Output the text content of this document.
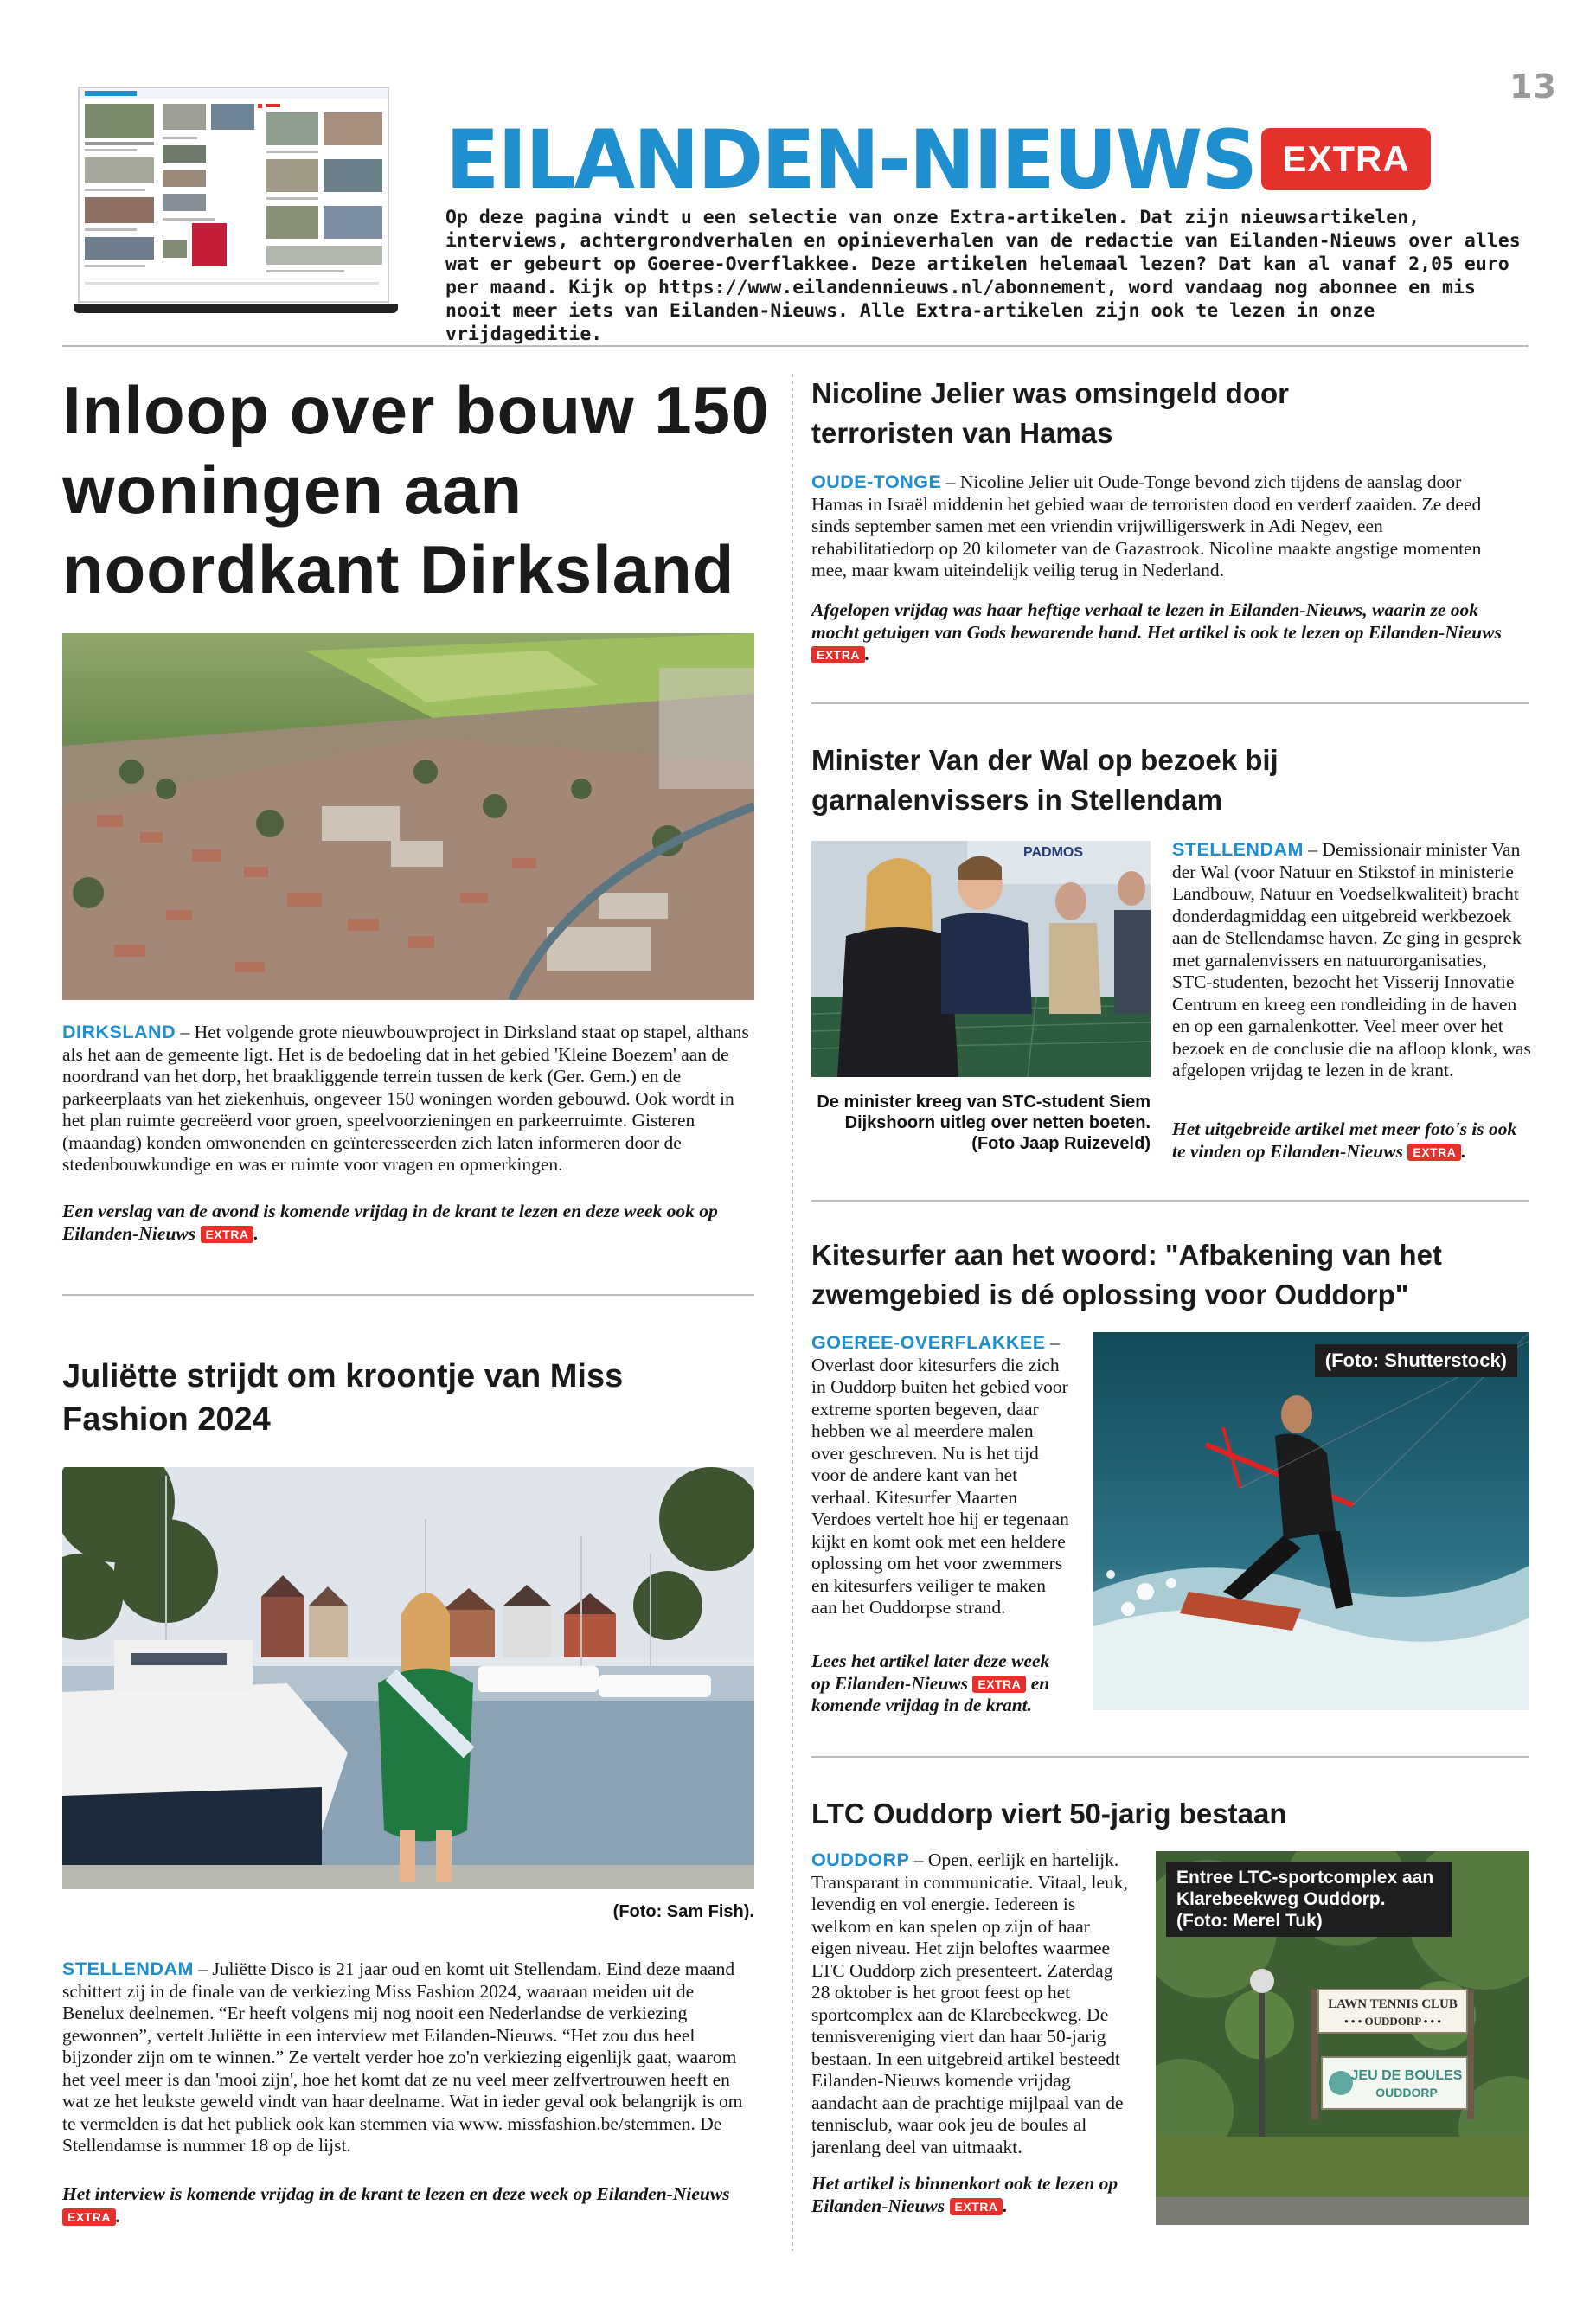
13
EILANDEN-NIEUWS EXTRA
Op deze pagina vindt u een selectie van onze Extra-artikelen. Dat zijn nieuwsartikelen, interviews, achtergrondverhalen en opinieverhalen van de redactie van Eilanden-Nieuws over alles wat er gebeurt op Goeree-Overflakkee. Deze artikelen helemaal lezen? Dat kan al vanaf 2,05 euro per maand. Kijk op https://www.eilandennieuws.nl/abonnement, word vandaag nog abonnee en mis nooit meer iets van Eilanden-Nieuws. Alle Extra-artikelen zijn ook te lezen in onze vrijdageditie.
Inloop over bouw 150 woningen aan noordkant Dirksland

DIRKSLAND – Het volgende grote nieuwbouwproject in Dirksland staat op stapel, althans als het aan de gemeente ligt. Het is de bedoeling dat in het gebied 'Kleine Boezem' aan de noordrand van het dorp, het braakliggende terrein tussen de kerk (Ger. Gem.) en de parkeerplaats van het ziekenhuis, ongeveer 150 woningen worden gebouwd. Ook wordt in het plan ruimte gecreëerd voor groen, speelvoorzieningen en parkeerruimte. Gisteren (maandag) konden omwonenden en geïnteresseerden zich laten informeren door de stedenbouwkundige en was er ruimte voor vragen en opmerkingen.

Een verslag van de avond is komende vrijdag in de krant te lezen en deze week ook op Eilanden-Nieuws EXTRA .

Juliëtte strijdt om kroontje van Miss Fashion 2024
(Foto: Sam Fish).

STELLENDAM – Juliëtte Disco is 21 jaar oud en komt uit Stellendam. Eind deze maand schittert zij in de finale van de verkiezing Miss Fashion 2024, waaraan meiden uit de Benelux deelnemen. “Er heeft volgens mij nog nooit een Nederlandse de verkiezing gewonnen”, vertelt Juliëtte in een interview met Eilanden-Nieuws. “Het zou dus heel bijzonder zijn om te winnen.” Ze vertelt verder hoe zo'n verkiezing eigenlijk gaat, waarom het veel meer is dan 'mooi zijn', hoe het komt dat ze nu veel meer zelfvertrouwen heeft en wat ze het leukste geweld vindt van haar deelname. Wat in ieder geval ook belangrijk is om te vermelden is dat het publiek ook kan stemmen via www. missfashion.be/stemmen. De Stellendamse is nummer 18 op de lijst.

Het interview is komende vrijdag in de krant te lezen en deze week op Eilanden-Nieuws EXTRA .

Nicoline Jelier was omsingeld door terroristen van Hamas

OUDE-TONGE – Nicoline Jelier uit Oude-Tonge bevond zich tijdens de aanslag door Hamas in Israël middenin het gebied waar de terroristen dood en verderf zaaiden. Ze deed sinds september samen met een vriendin vrijwilligerswerk in Adi Negev, een rehabilitatiedorp op 20 kilometer van de Gazastrook. Nicoline maakte angstige momenten mee, maar kwam uiteindelijk veilig terug in Nederland.

Afgelopen vrijdag was haar heftige verhaal te lezen in Eilanden-Nieuws, waarin ze ook mocht getuigen van Gods bewarende hand. Het artikel is ook te lezen op Eilanden-Nieuws EXTRA .

Minister Van der Wal op bezoek bij garnalenvissers in Stellendam
PADMOS

De minister kreeg van STC-student Siem Dijkshoorn uitleg over netten boeten. (Foto Jaap Ruizeveld)

STELLENDAM – Demissionair minister Van der Wal (voor Natuur en Stikstof in ministerie Landbouw, Natuur en Voedselkwaliteit) bracht donderdagmiddag een uitgebreid werkbezoek aan de Stellendamse haven. Ze ging in gesprek met garnalenvissers en natuurorganisaties, STC-studenten, bezocht het Visserij Innovatie Centrum en kreeg een rondleiding in de haven en op een garnalenkotter. Veel meer over het bezoek en de conclusie die na afloop klonk, was afgelopen vrijdag te lezen in de krant.

Het uitgebreide artikel met meer foto's is ook te vinden op Eilanden-Nieuws EXTRA .

Kitesurfer aan het woord: "Afbakening van het zwemgebied is dé oplossing voor Ouddorp"

GOEREE-OVERFLAKKEE – Overlast door kitesurfers die zich in Ouddorp buiten het gebied voor extreme sporten begeven, daar hebben we al meerdere malen over geschreven. Nu is het tijd voor de andere kant van het verhaal. Kitesurfer Maarten Verdoes vertelt hoe hij er tegenaan kijkt en komt ook met een heldere oplossing om het voor zwemmers en kitesurfers veiliger te maken aan het Ouddorpse strand.

Lees het artikel later deze week op Eilanden-Nieuws EXTRA en komende vrijdag in de krant.

(Foto: Shutterstock)
LTC Ouddorp viert 50-jarig bestaan

OUDDORP – Open, eerlijk en hartelijk. Transparant in communicatie. Vitaal, leuk, levendig en vol energie. Iedereen is welkom en kan spelen op zijn of haar eigen niveau. Het zijn beloftes waarmee LTC Ouddorp zich presenteert. Zaterdag 28 oktober is het groot feest op het sportcomplex aan de Klarebeekweg. De tennisvereniging viert dan haar 50-jarig bestaan. In een uitgebreid artikel besteedt Eilanden-Nieuws komende vrijdag aandacht aan de prachtige mijlpaal van de tennisclub, waar ook jeu de boules al jarenlang deel van uitmaakt.

Het artikel is binnenkort ook te lezen op Eilanden-Nieuws EXTRA .

LAWN TENNIS CLUB
• • • OUDDORP • • •
JEU DE BOULES
OUDDORP
Entree LTC-sportcomplex aan Klarebeekweg Ouddorp. (Foto: Merel Tuk)
